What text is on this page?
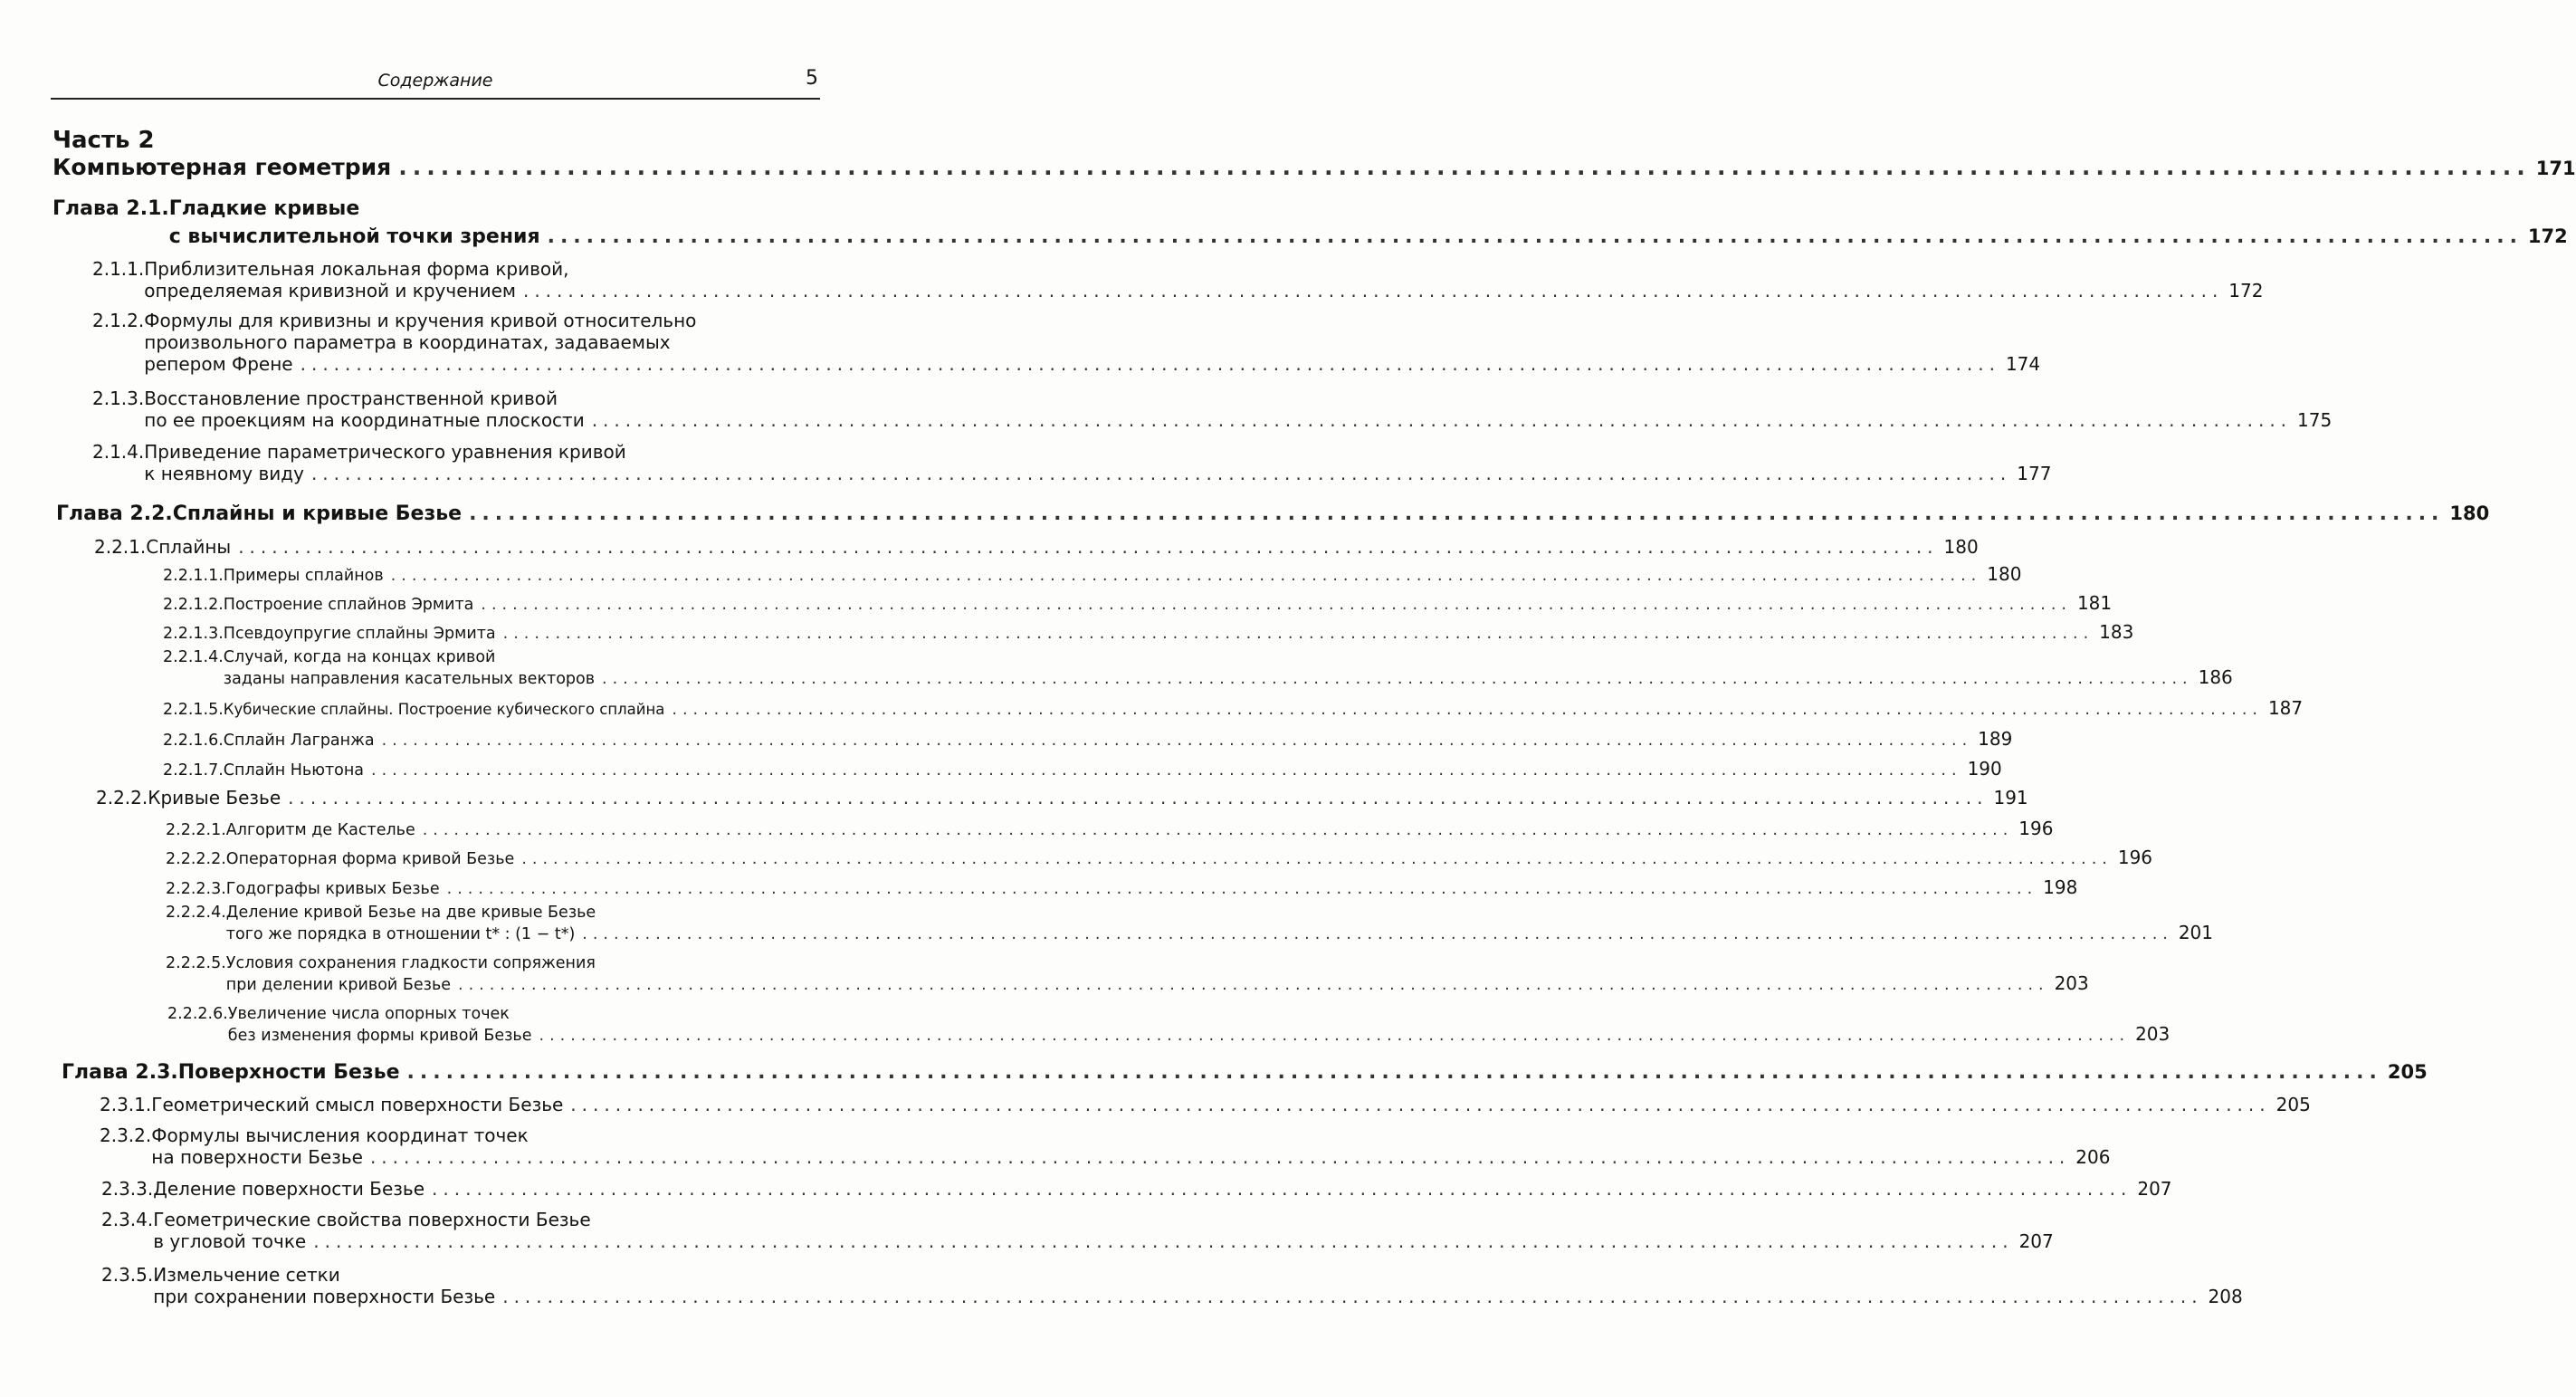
Содержание	5
Часть 2
Компьютерная геометрия .....	171
Глава 2.1. Гладкие кривые
с вычислительной точки зрения .....	172
2.1.1. Приблизительная локальная форма кривой,
определяемая кривизной и кручением .....	172
2.1.2. Формулы для кривизны и кручения кривой относительно
произвольного параметра в координатах, задаваемых
репером Френе .....	174
2.1.3. Восстановление пространственной кривой
по ее проекциям на координатные плоскости .....	175
2.1.4. Приведение параметрического уравнения кривой
к неявному виду .....	177
Глава 2.2. Сплайны и кривые Безье .....	180
2.2.1. Сплайны .....	180
2.2.1.1. Примеры сплайнов .....	180
2.2.1.2. Построение сплайнов Эрмита .....	181
2.2.1.3. Псевдоупругие сплайны Эрмита .....	183
2.2.1.4. Случай, когда на концах кривой
заданы направления касательных векторов .....	186
2.2.1.5. Кубические сплайны. Построение кубического сплайна .....	187
2.2.1.6. Сплайн Лагранжа .....	189
2.2.1.7. Сплайн Ньютона .....	190
2.2.2. Кривые Безье .....	191
2.2.2.1. Алгоритм де Кастелье .....	196
2.2.2.2. Операторная форма кривой Безье .....	196
2.2.2.3. Годографы кривых Безье .....	198
2.2.2.4. Деление кривой Безье на две кривые Безье
того же порядка в отношении t* : (1 − t*) .....	201
2.2.2.5. Условия сохранения гладкости сопряжения
при делении кривой Безье .....	203
2.2.2.6. Увеличение числа опорных точек
без изменения формы кривой Безье .....	203
Глава 2.3. Поверхности Безье .....	205
2.3.1. Геометрический смысл поверхности Безье .....	205
2.3.2. Формулы вычисления координат точек
на поверхности Безье .....	206
2.3.3. Деление поверхности Безье .....	207
2.3.4. Геометрические свойства поверхности Безье
в угловой точке .....	207
2.3.5. Измельчение сетки
при сохранении поверхности Безье .....	208
